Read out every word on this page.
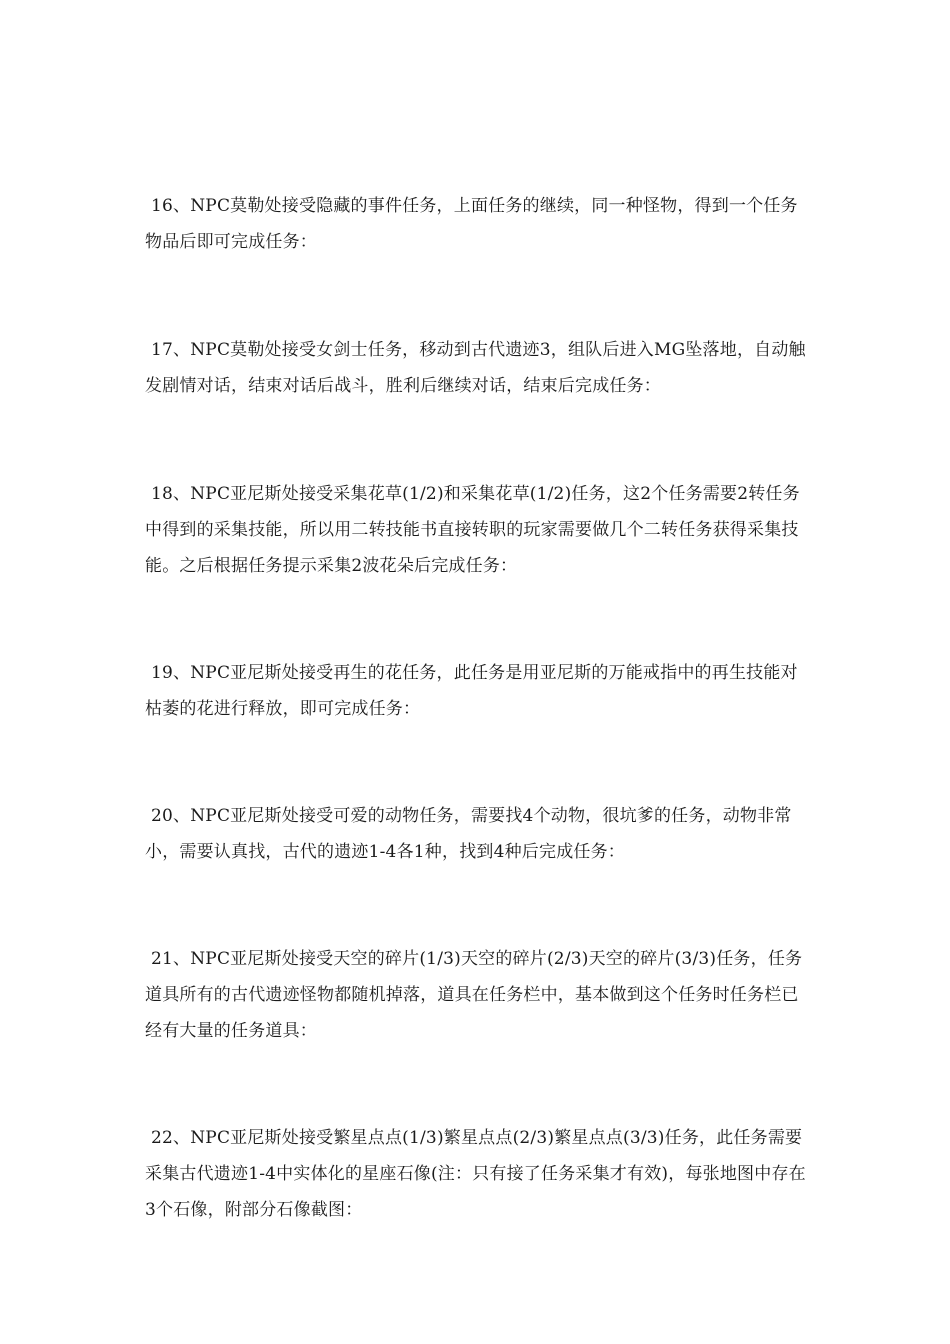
16、NPC莫勒处接受隐藏的事件任务，上面任务的继续，同一种怪物，得到一个任务物品后即可完成任务：

17、NPC莫勒处接受女剑士任务，移动到古代遗迹3，组队后进入MG坠落地，自动触发剧情对话，结束对话后战斗，胜利后继续对话，结束后完成任务：

18、NPC亚尼斯处接受采集花草(1/2)和采集花草(1/2)任务，这2个任务需要2转任务中得到的采集技能，所以用二转技能书直接转职的玩家需要做几个二转任务获得采集技能。之后根据任务提示采集2波花朵后完成任务：

19、NPC亚尼斯处接受再生的花任务，此任务是用亚尼斯的万能戒指中的再生技能对枯萎的花进行释放，即可完成任务：

20、NPC亚尼斯处接受可爱的动物任务，需要找4个动物，很坑爹的任务，动物非常小，需要认真找，古代的遗迹1-4各1种，找到4种后完成任务：

21、NPC亚尼斯处接受天空的碎片(1/3)天空的碎片(2/3)天空的碎片(3/3)任务，任务道具所有的古代遗迹怪物都随机掉落，道具在任务栏中，基本做到这个任务时任务栏已经有大量的任务道具：

22、NPC亚尼斯处接受繁星点点(1/3)繁星点点(2/3)繁星点点(3/3)任务，此任务需要采集古代遗迹1-4中实体化的星座石像(注：只有接了任务采集才有效)，每张地图中存在3个石像，附部分石像截图：
